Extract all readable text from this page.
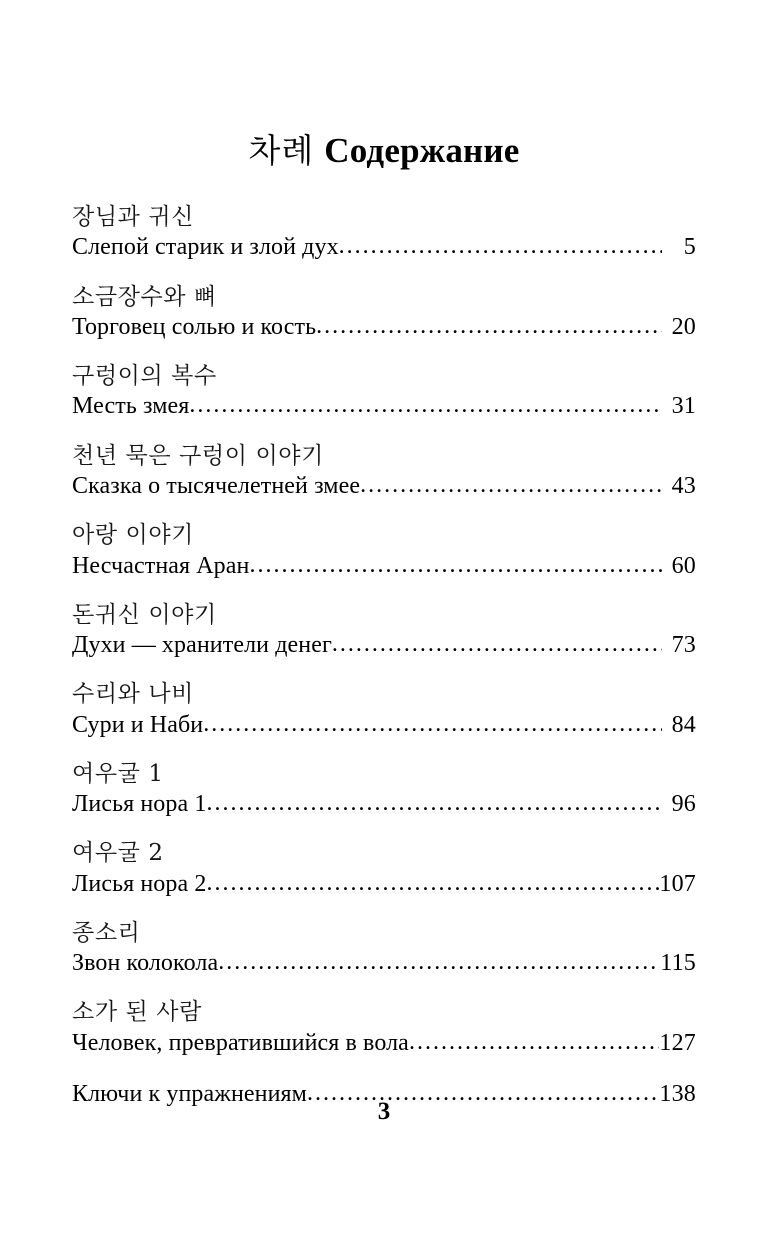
차례 Содержание
장님과 귀신
Слепой старик и злой дух .....	5
소금장수와 뼈
Торговец солью и кость .....	20
구렁이의 복수
Месть змея .....	31
천년 묵은 구렁이 이야기
Сказка о тысячелетней змее .....	43
아랑 이야기
Несчастная Аран .....	60
돈귀신 이야기
Духи — хранители денег .....	73
수리와 나비
Сури и Наби .....	84
여우굴 1
Лисья нора 1 .....	96
여우굴 2
Лисья нора 2 .....	107
종소리
Звон колокола .....	115
소가 된 사람
Человек, превратившийся в вола .....	127
Ключи к упражнениям .....	138
3
